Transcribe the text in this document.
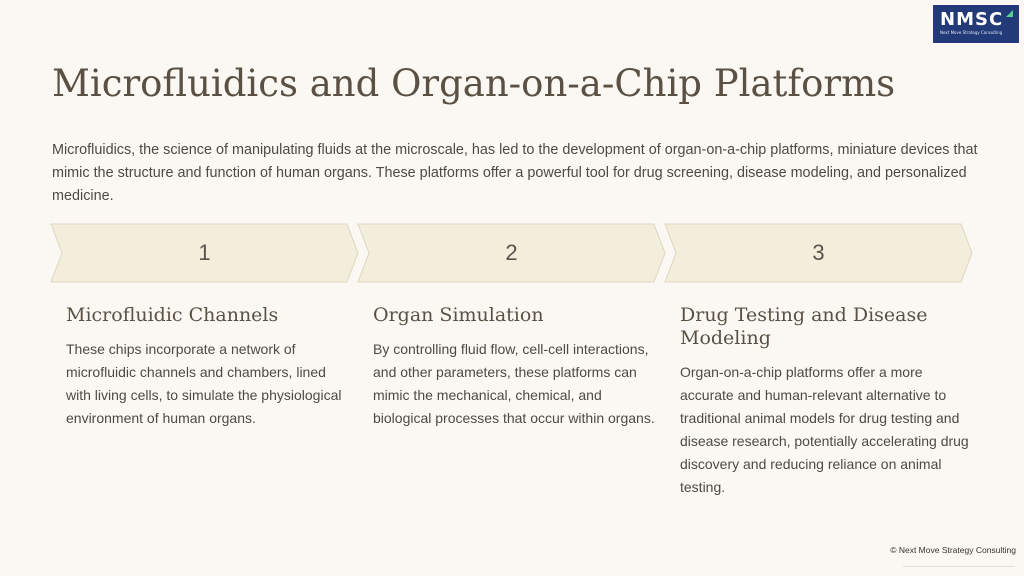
NMSC
Next Move Strategy Consulting
Microfluidics and Organ-on-a-Chip Platforms

Microfluidics, the science of manipulating fluids at the microscale, has led to the development of organ-on-a-chip platforms, miniature devices that mimic the structure and function of human organs. These platforms offer a powerful tool for drug screening, disease modeling, and personalized medicine.

1	2	3
Microfluidic Channels

These chips incorporate a network of microfluidic channels and chambers, lined with living cells, to simulate the physiological environment of human organs.

Organ Simulation

By controlling fluid flow, cell-cell interactions, and other parameters, these platforms can mimic the mechanical, chemical, and biological processes that occur within organs.

Drug Testing and Disease Modeling

Organ-on-a-chip platforms offer a more accurate and human-relevant alternative to traditional animal models for drug testing and disease research, potentially accelerating drug discovery and reducing reliance on animal testing.

© Next Move Strategy Consulting
